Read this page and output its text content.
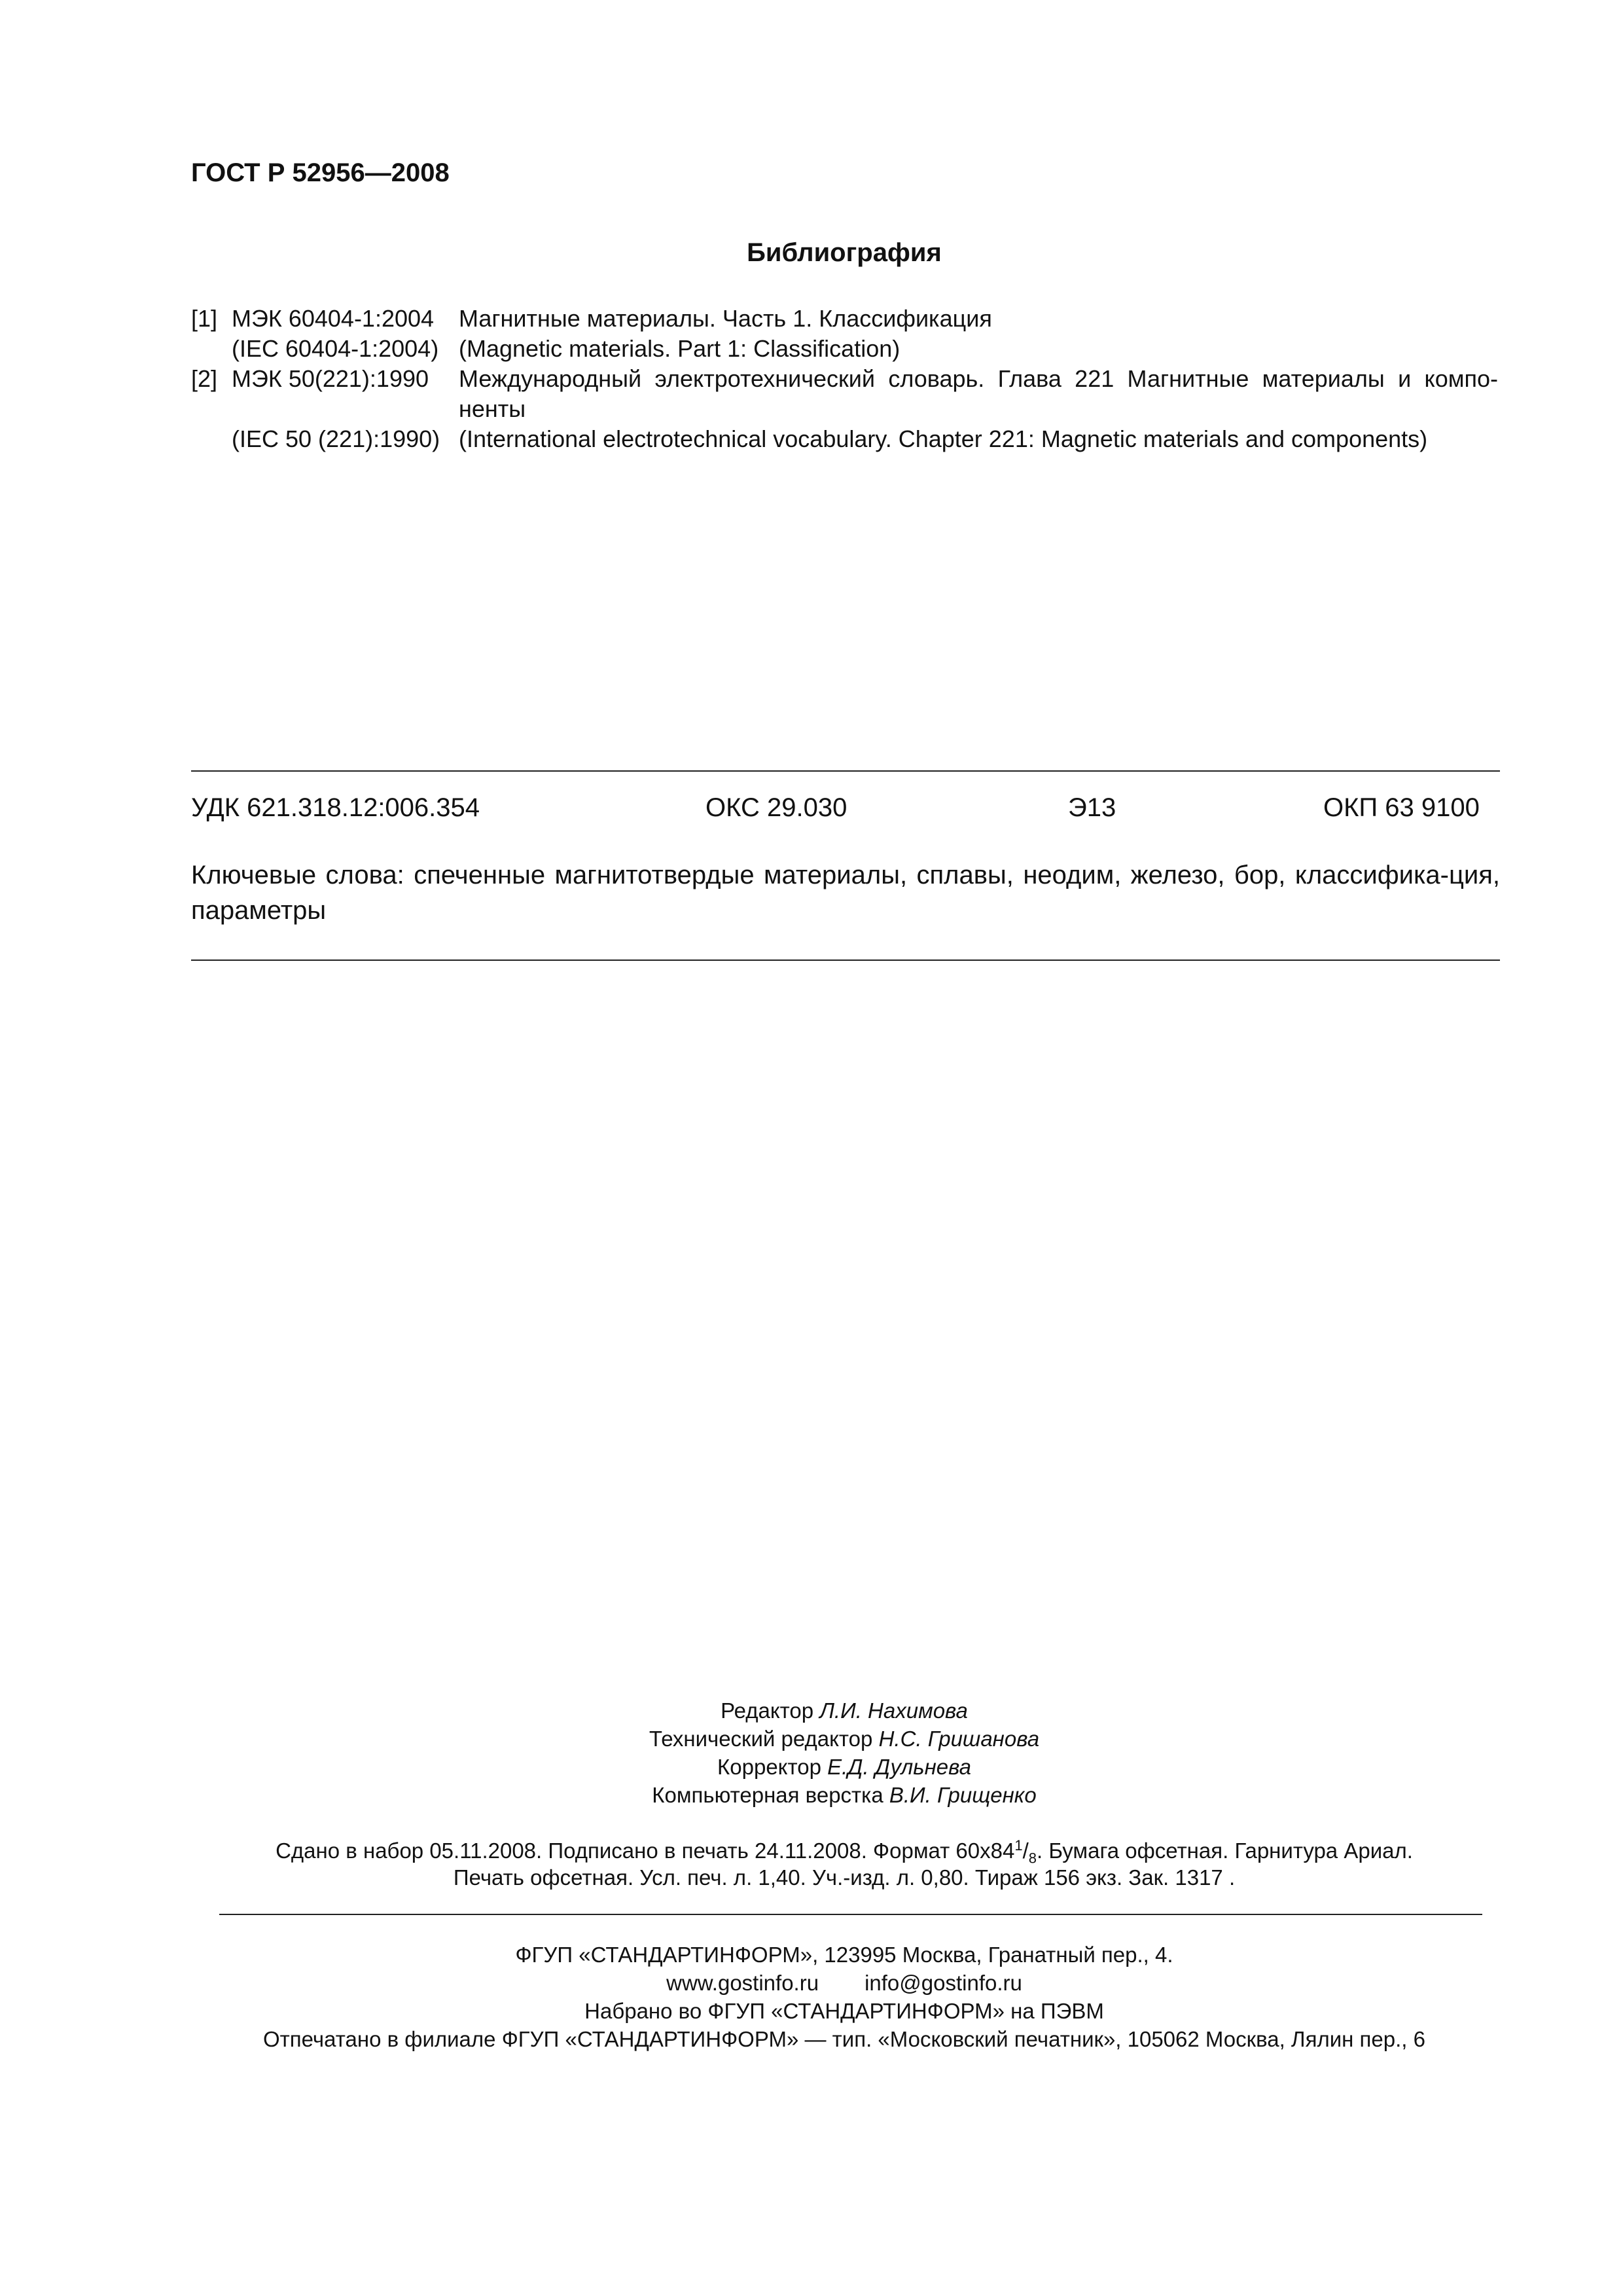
ГОСТ Р 52956—2008
Библиография
[1] МЭК 60404-1:2004 Магнитные материалы. Часть 1. Классификация
(IEC 60404-1:2004) (Magnetic materials. Part 1: Classification)
[2] МЭК 50(221):1990 Международный электротехнический словарь. Глава 221 Магнитные материалы и компо-ненты
(IEC 50 (221):1990) (International electrotechnical vocabulary. Chapter 221: Magnetic materials and components)
УДК 621.318.12:006.354	ОКС 29.030	Э13	ОКП 63 9100
Ключевые слова: спеченные магнитотвердые материалы, сплавы, неодим, железо, бор, классифика-ция, параметры
Редактор Л.И. Нахимова
Технический редактор Н.С. Гришанова
Корректор Е.Д. Дульнева
Компьютерная верстка В.И. Грищенко
Сдано в набор 05.11.2008. Подписано в печать 24.11.2008. Формат $60x84^1/_8$. Бумага офсетная. Гарнитура Ариал.
Печать офсетная. Усл. печ. л. 1,40. Уч.-изд. л. 0,80. Тираж 156 экз. Зак. 1317 .
ФГУП «СТАНДАРТИНФОРМ», 123995 Москва, Гранатный пер., 4.
www.gostinfo.ru info@gostinfo.ru
Набрано во ФГУП «СТАНДАРТИНФОРМ» на ПЭВМ
Отпечатано в филиале ФГУП «СТАНДАРТИНФОРМ» — тип. «Московский печатник», 105062 Москва, Лялин пер., 6
